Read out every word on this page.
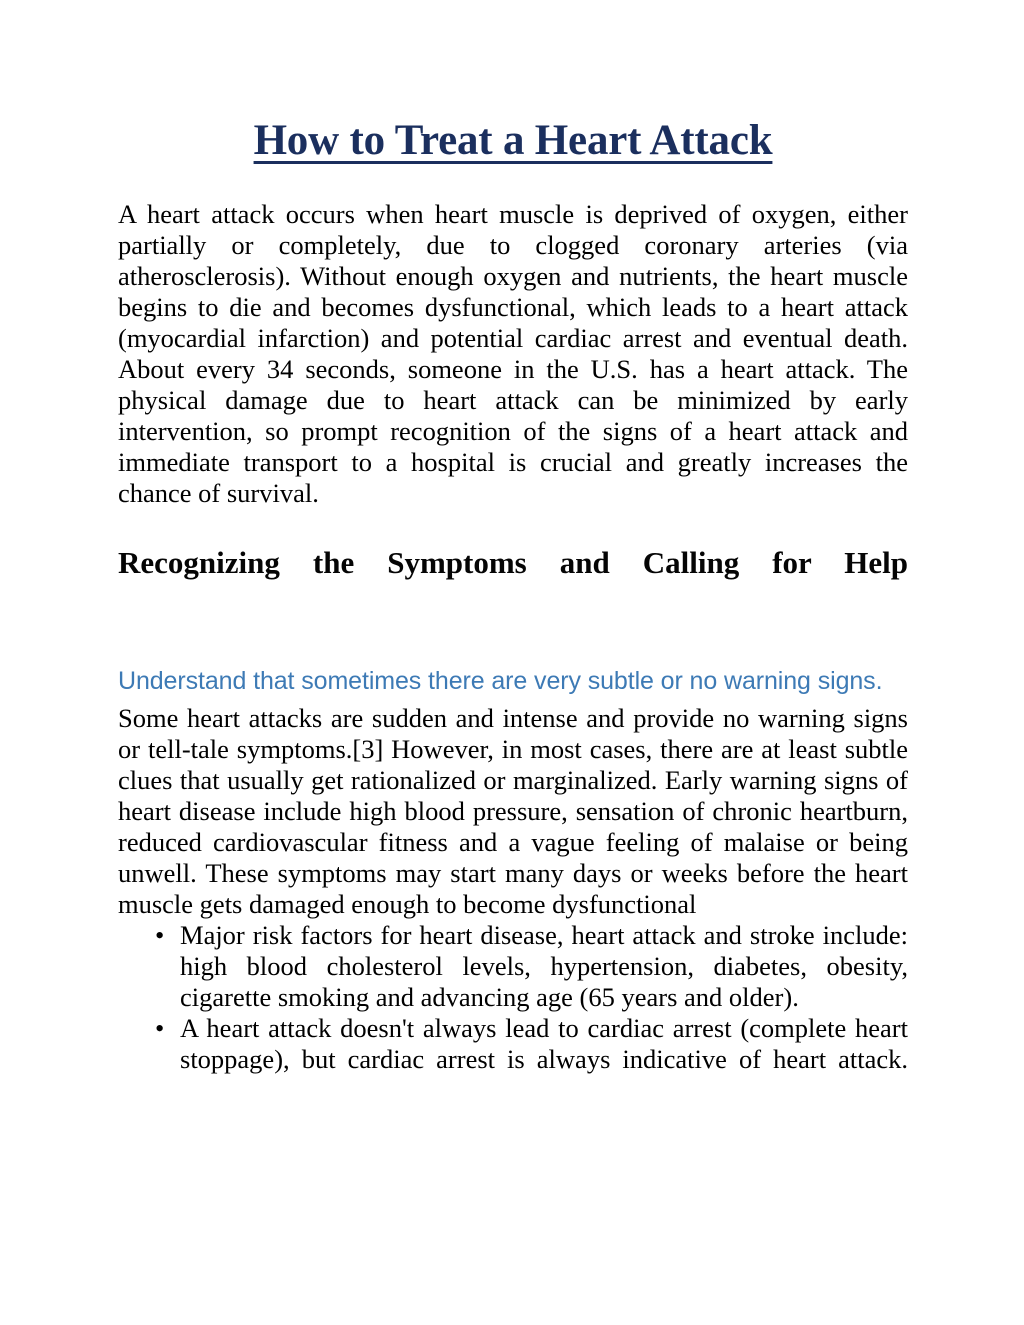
How to Treat a Heart Attack

A heart attack occurs when heart muscle is deprived of oxygen, either partially or completely, due to clogged coronary arteries (via atherosclerosis). Without enough oxygen and nutrients, the heart muscle begins to die and becomes dysfunctional, which leads to a heart attack (myocardial infarction) and potential cardiac arrest and eventual death. About every 34 seconds, someone in the U.S. has a heart attack. The physical damage due to heart attack can be minimized by early intervention, so prompt recognition of the signs of a heart attack and immediate transport to a hospital is crucial and greatly increases the chance of survival.

Recognizing the Symptoms and Calling for Help

Understand that sometimes there are very subtle or no warning signs.

Some heart attacks are sudden and intense and provide no warning signs or tell-tale symptoms.[3] However, in most cases, there are at least subtle clues that usually get rationalized or marginalized. Early warning signs of heart disease include high blood pressure, sensation of chronic heartburn, reduced cardiovascular fitness and a vague feeling of malaise or being unwell. These symptoms may start many days or weeks before the heart muscle gets damaged enough to become dysfunctional

• Major risk factors for heart disease, heart attack and stroke include: high blood cholesterol levels, hypertension, diabetes, obesity, cigarette smoking and advancing age (65 years and older).
• A heart attack doesn't always lead to cardiac arrest (complete heart stoppage), but cardiac arrest is always indicative of heart attack.
